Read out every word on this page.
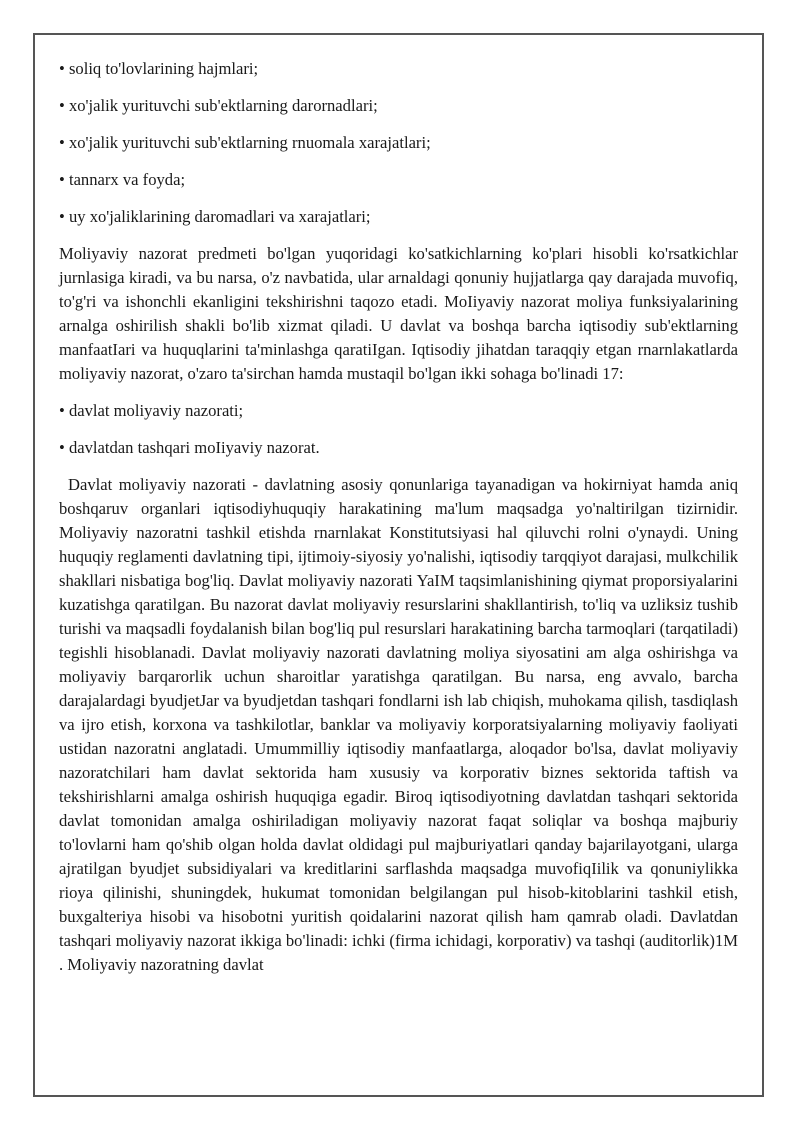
• soliq to'lovlarining hajmlari;

• xo'jalik yurituvchi sub'ektlarning darornadlari;

• xo'jalik yurituvchi sub'ektlarning rnuomala xarajatlari;

• tannarx va foyda;

• uy xo'jaliklarining daromadlari va xarajatlari;

Moliyaviy nazorat predmeti bo'lgan yuqoridagi ko'satkichlarning ko'plari hisobli ko'rsatkichlar jurnlasiga kiradi, va bu narsa, o'z navbatida, ular arnaldagi qonuniy hujjatlarga qay darajada muvofiq, to'g'ri va ishonchli ekanligini tekshirishni taqozo etadi. MoIiyaviy nazorat moliya funksiyalarining arnalga oshirilish shakli bo'lib xizmat qiladi. U davlat va boshqa barcha iqtisodiy sub'ektlarning manfaatIari va huquqlarini ta'minlashga qaratiIgan. Iqtisodiy jihatdan taraqqiy etgan rnarnlakatlarda moliyaviy nazorat, o'zaro ta'sirchan hamda mustaqil bo'lgan ikki sohaga bo'linadi 17:

• davlat moliyaviy nazorati;

• davlatdan tashqari moIiyaviy nazorat.

Davlat moliyaviy nazorati - davlatning asosiy qonunlariga tayanadigan va hokirniyat hamda aniq boshqaruv organlari iqtisodiyhuquqiy harakatining ma'lum maqsadga yo'naltirilgan tizirnidir. Moliyaviy nazoratni tashkil etishda rnarnlakat Konstitutsiyasi hal qiluvchi rolni o'ynaydi. Uning huquqiy reglamenti davlatning tipi, ijtimoiy-siyosiy yo'nalishi, iqtisodiy tarqqiyot darajasi, mulkchilik shakllari nisbatiga bog'liq. Davlat moliyaviy nazorati YaIM taqsimlanishining qiymat proporsiyalarini kuzatishga qaratilgan. Bu nazorat davlat moliyaviy resurslarini shakllantirish, to'liq va uzliksiz tushib turishi va maqsadli foydalanish bilan bog'liq pul resurslari harakatining barcha tarmoqlari (tarqatiladi) tegishli hisoblanadi. Davlat moliyaviy nazorati davlatning moliya siyosatini am alga oshirishga va moliyaviy barqarorlik uchun sharoitlar yaratishga qaratilgan. Bu narsa, eng avvalo, barcha darajalardagi byudjetJar va byudjetdan tashqari fondlarni ish lab chiqish, muhokama qilish, tasdiqlash va ijro etish, korxona va tashkilotlar, banklar va moliyaviy korporatsiyalarning moliyaviy faoliyati ustidan nazoratni anglatadi. Umummilliy iqtisodiy manfaatlarga, aloqador bo'lsa, davlat moliyaviy nazoratchilari ham davlat sektorida ham xususiy va korporativ biznes sektorida taftish va tekshirishlarni amalga oshirish huquqiga egadir. Biroq iqtisodiyotning davlatdan tashqari sektorida davlat tomonidan amalga oshiriladigan moliyaviy nazorat faqat soliqlar va boshqa majburiy to'lovlarni ham qo'shib olgan holda davlat oldidagi pul majburiyatlari qanday bajarilayotgani, ularga ajratilgan byudjet subsidiyalari va kreditlarini sarflashda maqsadga muvofiqIilik va qonuniylikka rioya qilinishi, shuningdek, hukumat tomonidan belgilangan pul hisob-kitoblarini tashkil etish, buxgalteriya hisobi va hisobotni yuritish qoidalarini nazorat qilish ham qamrab oladi. Davlatdan tashqari moliyaviy nazorat ikkiga bo'linadi: ichki (firma ichidagi, korporativ) va tashqi (auditorlik)1M . Moliyaviy nazoratning davlat
